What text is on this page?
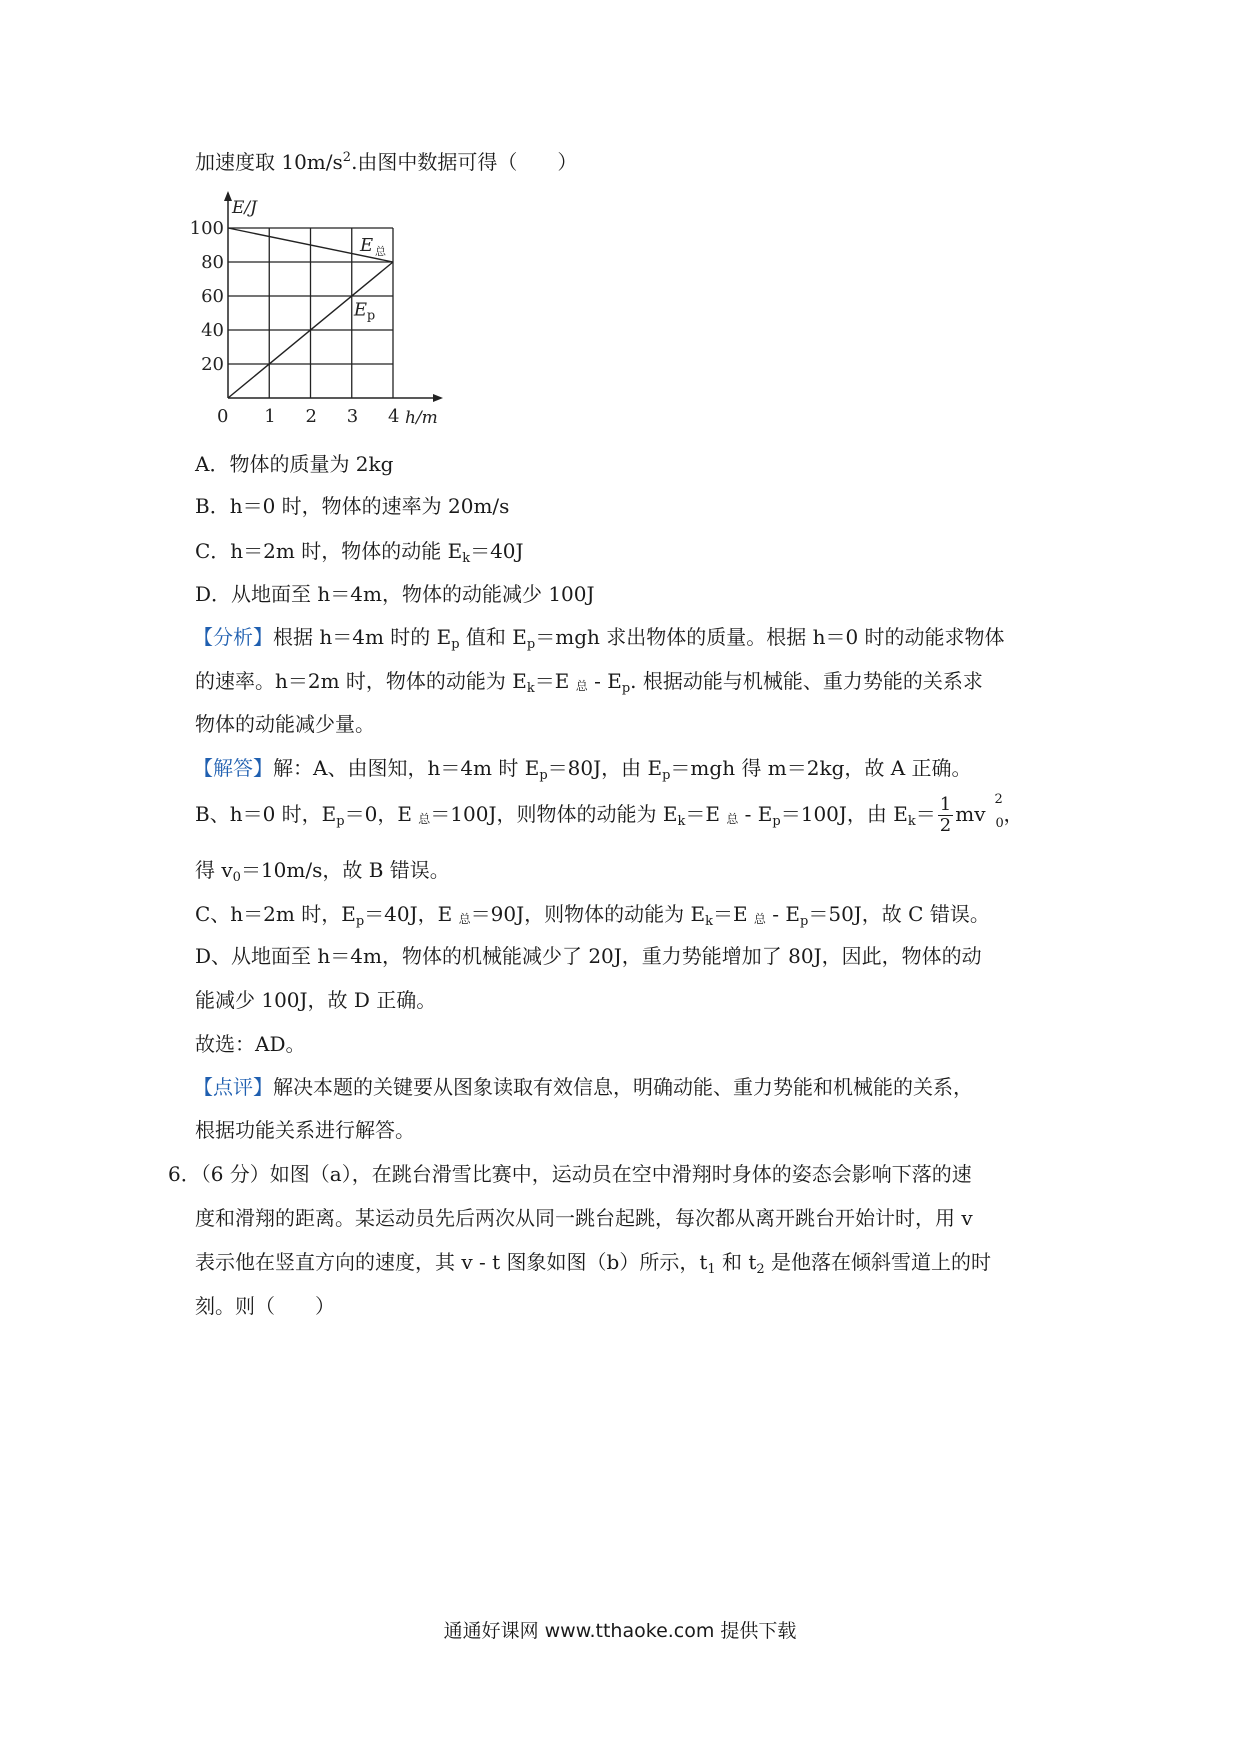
加速度取 $10m/s^2$.由图中数据可得（　　）
0 1 2 3 4
20
40
60
80
100
E/J
h/m
E 总
E p
A．物体的质量为 2kg
B．h＝0 时，物体的速率为 20m/s
C．h＝2m 时，物体的动能 $E_k=40J$
D．从地面至 h＝4m，物体的动能减少 100J
【分析】根据 h＝4m 时的 $E_p$ 值和 $E_p=mgh$ 求出物体的质量。根据 h＝0 时的动能求物体
的速率。h＝2m 时，物体的动能为 $E_k=E$ 总 - $E_p$. 根据动能与机械能、重力势能的关系求
物体的动能减少量。
【解答】解：A、由图知，h＝4m 时 $E_p=80J$，由 $E_p=mgh$ 得 m＝2kg，故 A 正确。
B、h＝0 时，$E_p=0$，E 总＝100J，则物体的动能为 $E_k=E$ 总 - $E_p=100J$，由 $E_k= \frac{1}{2}$ mv
2
0 ，
得 $v_0=10m/s$，故 B 错误。
C、h＝2m 时，$E_p=40J$，E 总＝90J，则物体的动能为 $E_k=E$ 总 - $E_p=50J$，故 C 错误。
D、从地面至 h＝4m，物体的机械能减少了 20J，重力势能增加了 80J，因此，物体的动
能减少 100J，故 D 正确。
故选：AD。
【点评】解决本题的关键要从图象读取有效信息，明确动能、重力势能和机械能的关系，
根据功能关系进行解答。
6．（6 分）如图（a），在跳台滑雪比赛中，运动员在空中滑翔时身体的姿态会影响下落的速
度和滑翔的距离。某运动员先后两次从同一跳台起跳，每次都从离开跳台开始计时，用 v
表示他在竖直方向的速度，其 v - t 图象如图（b）所示，$t_1$ 和 $t_2$ 是他落在倾斜雪道上的时
刻。则（　　）
通通好课网 www.tthaoke.com 提供下载
